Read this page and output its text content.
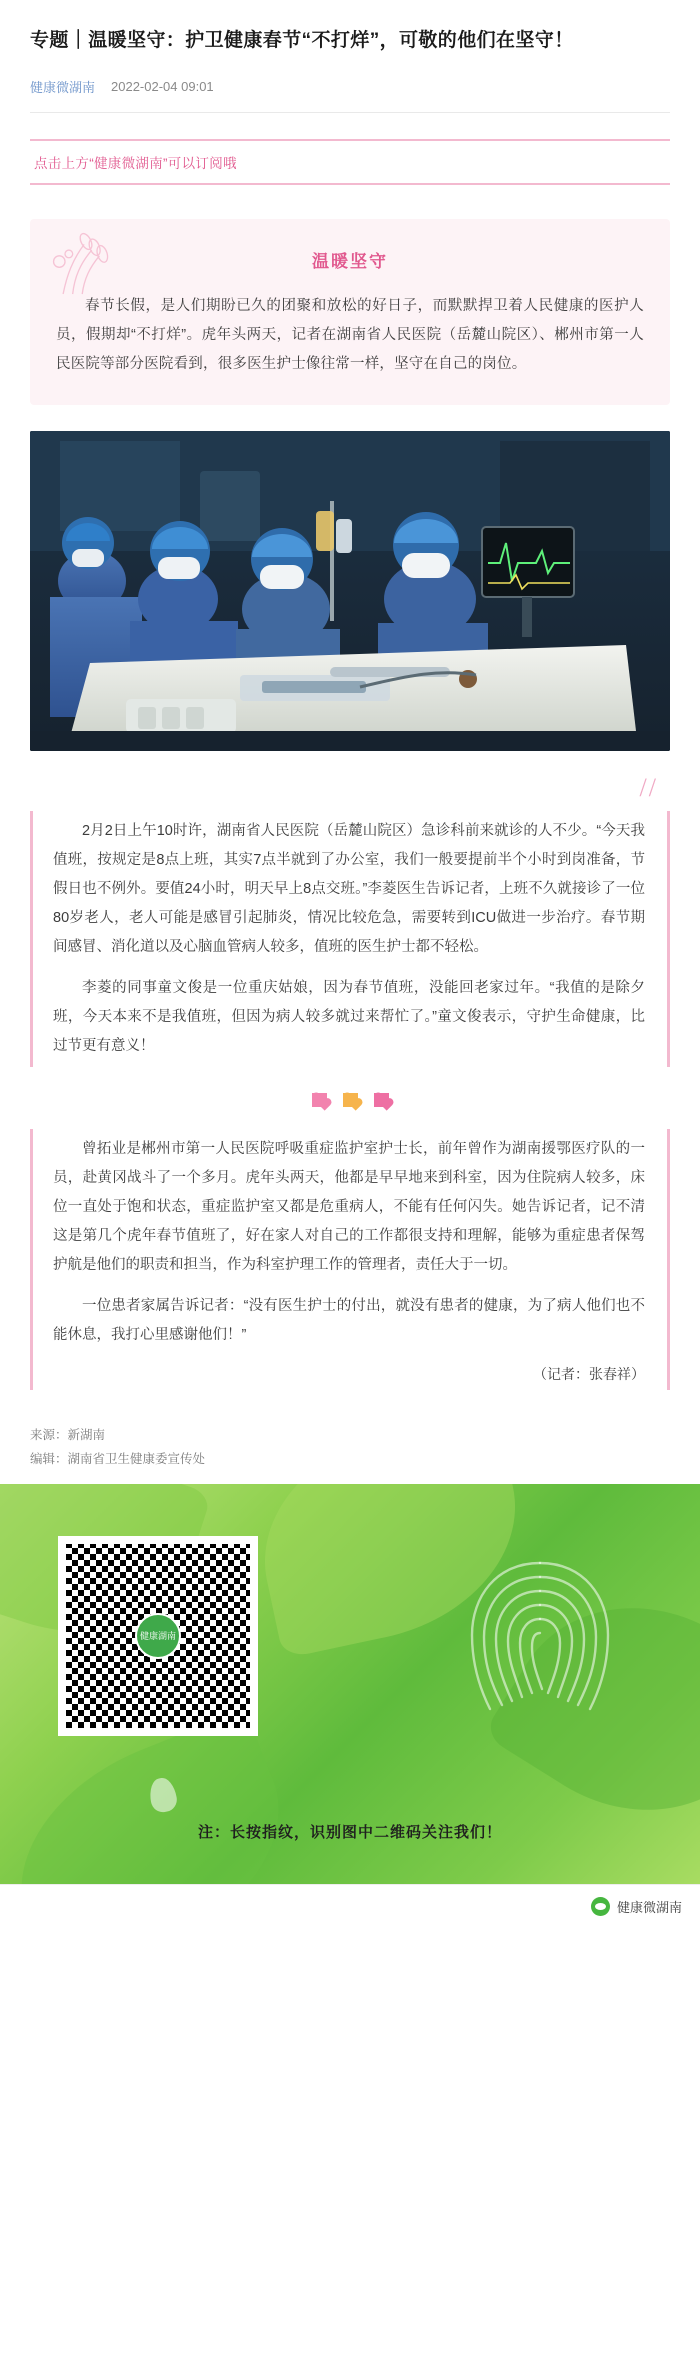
专题｜温暖坚守：护卫健康春节“不打烊”，可敬的他们在坚守！
健康微湖南 2022-02-04 09:01
点击上方“健康微湖南”可以订阅哦
温暖坚守
春节长假，是人们期盼已久的团聚和放松的好日子，而默默捍卫着人民健康的医护人员，假期却“不打烊”。虎年头两天，记者在湖南省人民医院（岳麓山院区）、郴州市第一人民医院等部分医院看到，很多医生护士像往常一样，坚守在自己的岗位。
//

2月2日上午10时许，湖南省人民医院（岳麓山院区）急诊科前来就诊的人不少。“今天我值班，按规定是8点上班，其实7点半就到了办公室，我们一般要提前半个小时到岗准备，节假日也不例外。要值24小时，明天早上8点交班。”李菱医生告诉记者，上班不久就接诊了一位80岁老人，老人可能是感冒引起肺炎，情况比较危急，需要转到ICU做进一步治疗。春节期间感冒、消化道以及心脑血管病人较多，值班的医生护士都不轻松。

李菱的同事童文俊是一位重庆姑娘，因为春节值班，没能回老家过年。“我值的是除夕班，今天本来不是我值班，但因为病人较多就过来帮忙了。”童文俊表示，守护生命健康，比过节更有意义！

曾拓业是郴州市第一人民医院呼吸重症监护室护士长，前年曾作为湖南援鄂医疗队的一员，赴黄冈战斗了一个多月。虎年头两天，他都是早早地来到科室，因为住院病人较多，床位一直处于饱和状态，重症监护室又都是危重病人，不能有任何闪失。她告诉记者，记不清这是第几个虎年春节值班了，好在家人对自己的工作都很支持和理解，能够为重症患者保驾护航是他们的职责和担当，作为科室护理工作的管理者，责任大于一切。

一位患者家属告诉记者：“没有医生护士的付出，就没有患者的健康，为了病人他们也不能休息，我打心里感谢他们！”

（记者：张春祥）
来源：新湖南
编辑：湖南省卫生健康委宣传处
健康湖南
注：长按指纹，识别图中二维码关注我们！
健康微湖南
